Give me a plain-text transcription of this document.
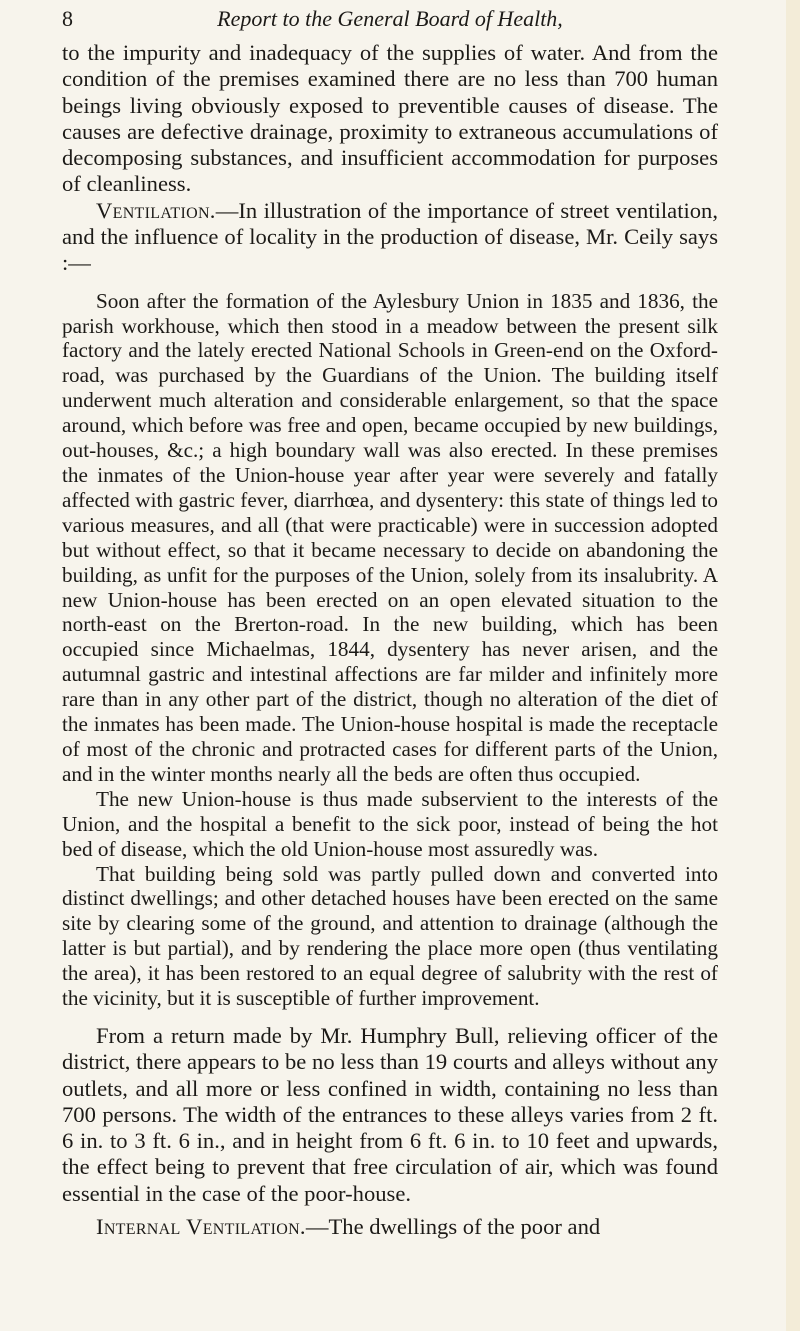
8	Report to the General Board of Health,

to the impurity and inadequacy of the supplies of water. And from the condition of the premises examined there are no less than 700 human beings living obviously exposed to preventible causes of disease. The causes are defective drainage, proximity to extraneous accumulations of decomposing substances, and insufficient accommodation for purposes of cleanliness.

Ventilation.—In illustration of the importance of street ventilation, and the influence of locality in the production of disease, Mr. Ceily says :—

Soon after the formation of the Aylesbury Union in 1835 and 1836, the parish workhouse, which then stood in a meadow between the present silk factory and the lately erected National Schools in Green-end on the Oxford-road, was purchased by the Guardians of the Union. The building itself underwent much alteration and considerable enlargement, so that the space around, which before was free and open, became occupied by new buildings, out-houses, &c.; a high boundary wall was also erected. In these premises the inmates of the Union-house year after year were severely and fatally affected with gastric fever, diarrhœa, and dysentery: this state of things led to various measures, and all (that were practicable) were in succession adopted but without effect, so that it became necessary to decide on abandoning the building, as unfit for the purposes of the Union, solely from its insalubrity. A new Union-house has been erected on an open elevated situation to the north-east on the Brerton-road. In the new building, which has been occupied since Michaelmas, 1844, dysentery has never arisen, and the autumnal gastric and intestinal affections are far milder and infinitely more rare than in any other part of the district, though no alteration of the diet of the inmates has been made. The Union-house hospital is made the receptacle of most of the chronic and protracted cases for different parts of the Union, and in the winter months nearly all the beds are often thus occupied.

The new Union-house is thus made subservient to the interests of the Union, and the hospital a benefit to the sick poor, instead of being the hot bed of disease, which the old Union-house most assuredly was.

That building being sold was partly pulled down and converted into distinct dwellings; and other detached houses have been erected on the same site by clearing some of the ground, and attention to drainage (although the latter is but partial), and by rendering the place more open (thus ventilating the area), it has been restored to an equal degree of salubrity with the rest of the vicinity, but it is susceptible of further improvement.

From a return made by Mr. Humphry Bull, relieving officer of the district, there appears to be no less than 19 courts and alleys without any outlets, and all more or less confined in width, containing no less than 700 persons. The width of the entrances to these alleys varies from 2 ft. 6 in. to 3 ft. 6 in., and in height from 6 ft. 6 in. to 10 feet and upwards, the effect being to prevent that free circulation of air, which was found essential in the case of the poor-house.

Internal Ventilation.—The dwellings of the poor and
